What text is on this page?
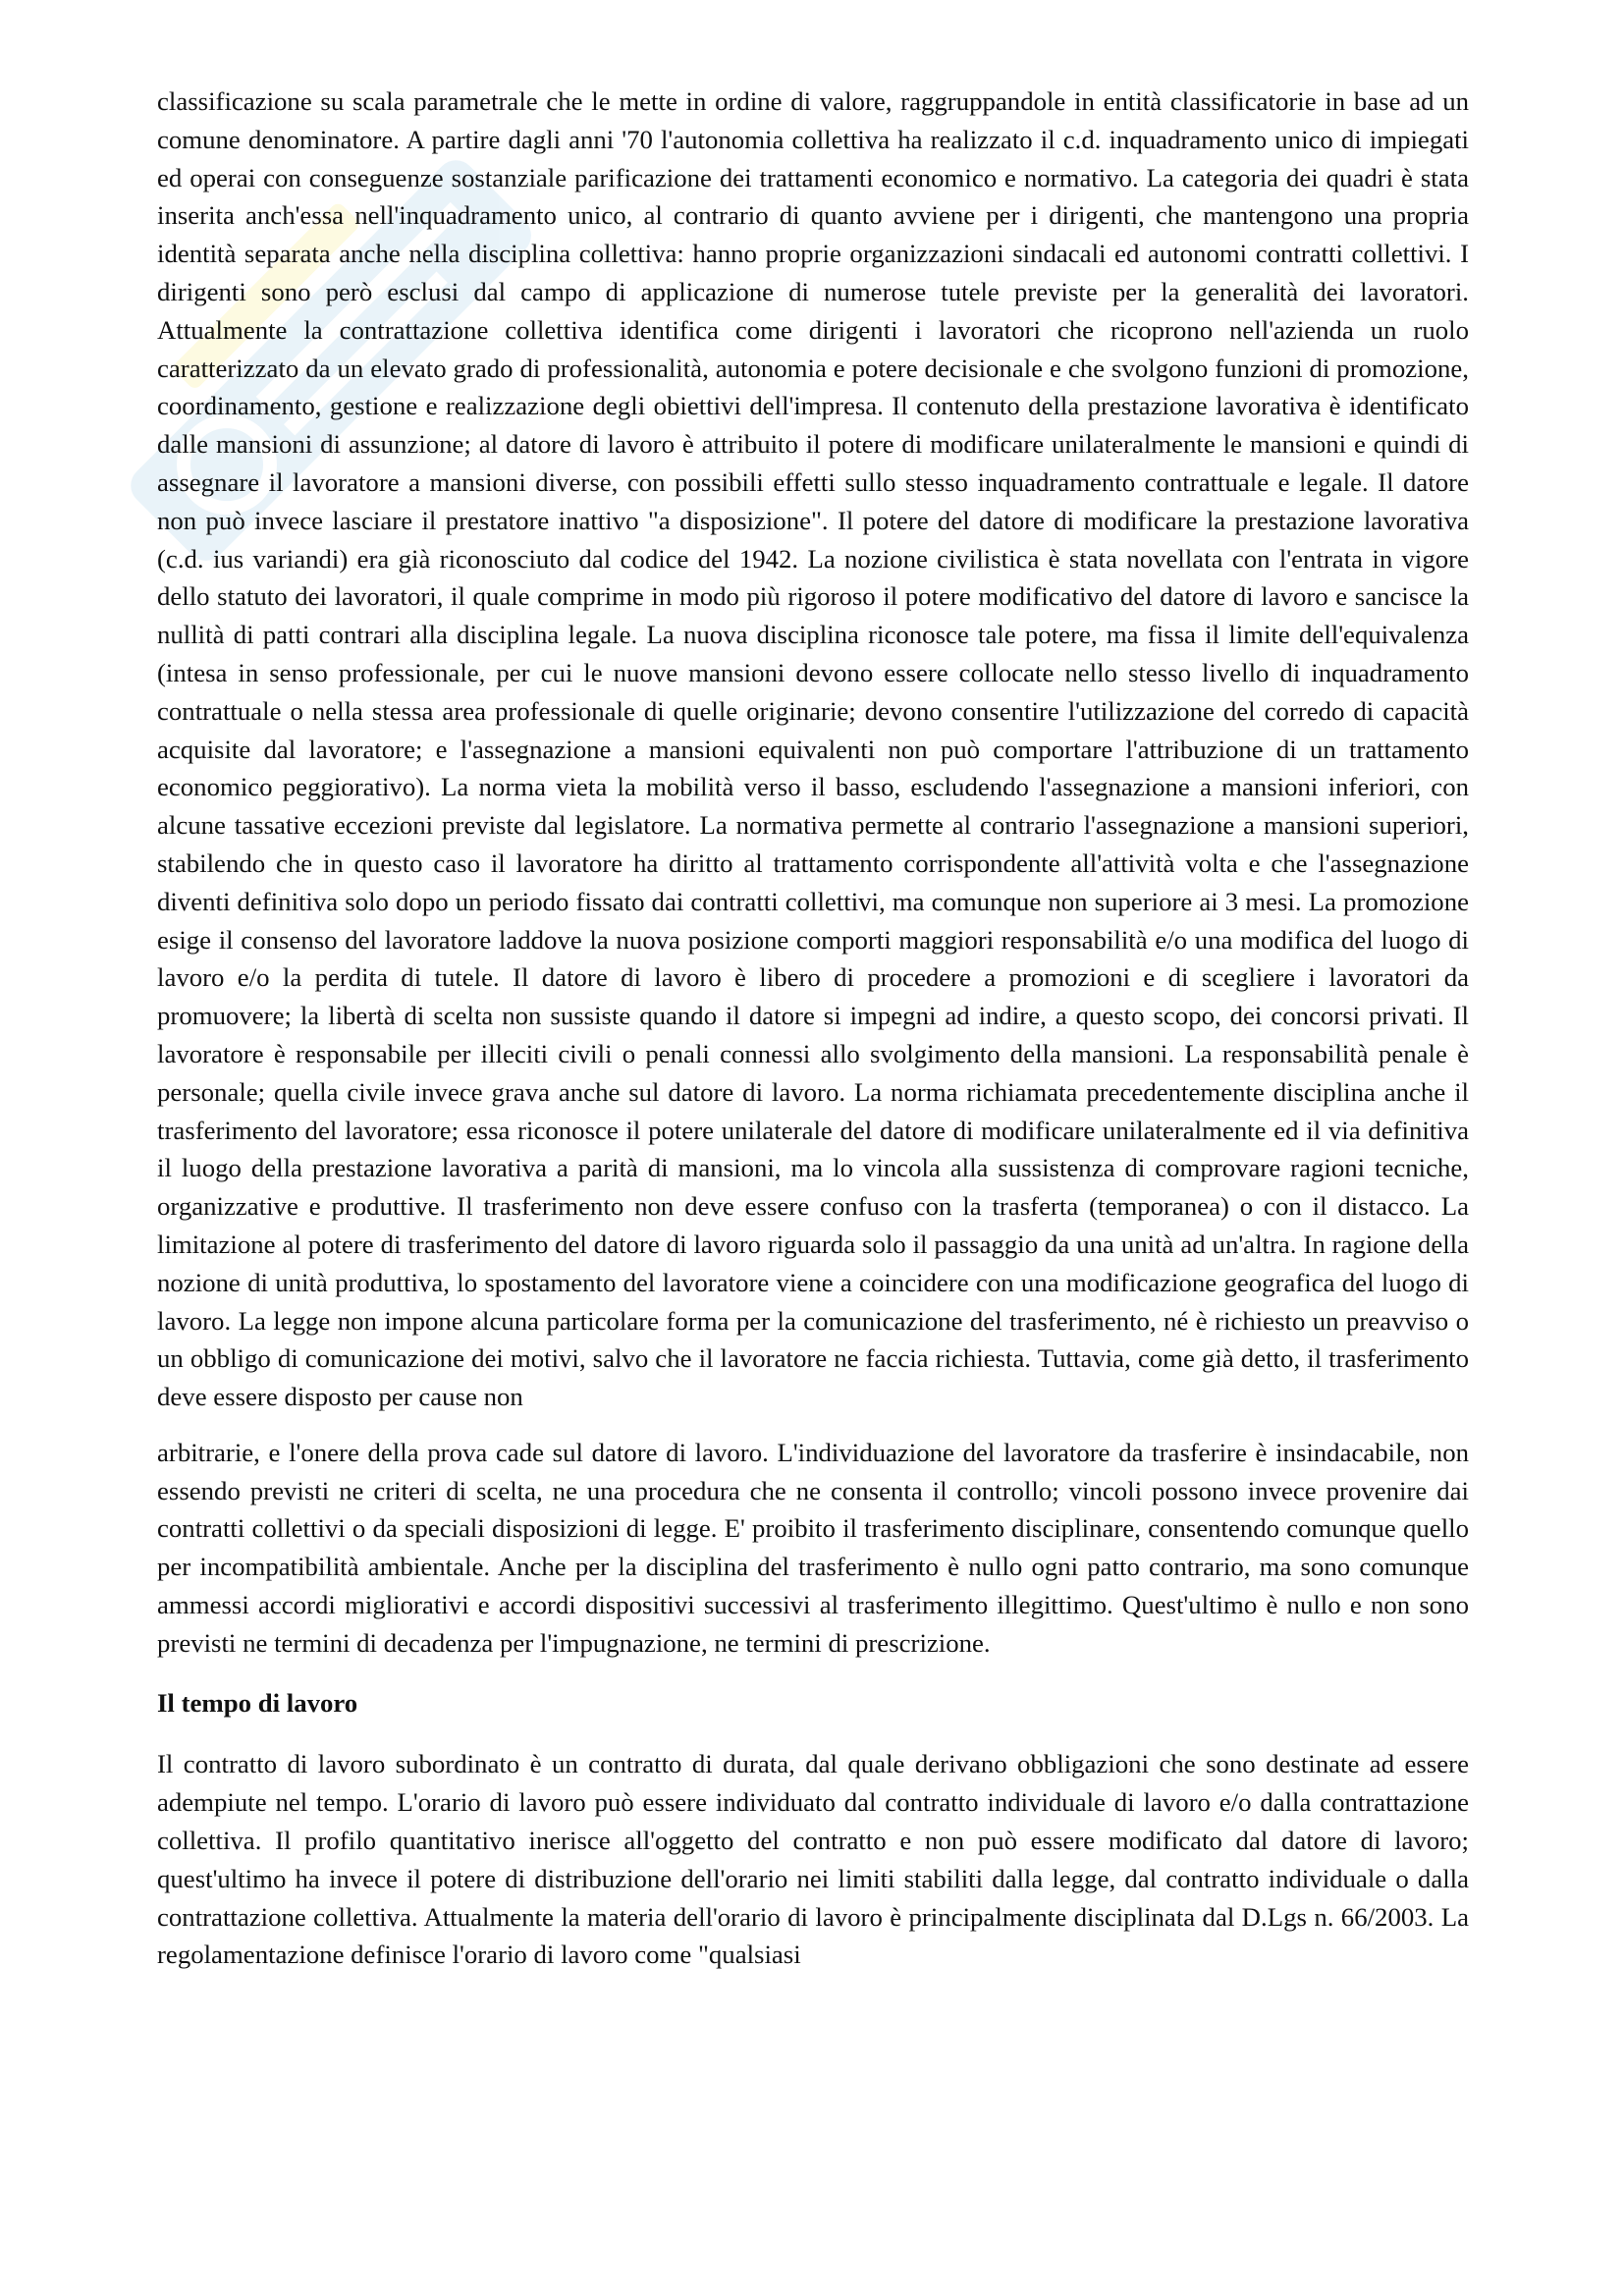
classificazione su scala parametrale che le mette in ordine di valore, raggruppandole in entità classificatorie in base ad un comune denominatore. A partire dagli anni '70 l'autonomia collettiva ha realizzato il c.d. inquadramento unico di impiegati ed operai con conseguenze sostanziale parificazione dei trattamenti economico e normativo. La categoria dei quadri è stata inserita anch'essa nell'inquadramento unico, al contrario di quanto avviene per i dirigenti, che mantengono una propria identità separata anche nella disciplina collettiva: hanno proprie organizzazioni sindacali ed autonomi contratti collettivi. I dirigenti sono però esclusi dal campo di applicazione di numerose tutele previste per la generalità dei lavoratori. Attualmente la contrattazione collettiva identifica come dirigenti i lavoratori che ricoprono nell'azienda un ruolo caratterizzato da un elevato grado di professionalità, autonomia e potere decisionale e che svolgono funzioni di promozione, coordinamento, gestione e realizzazione degli obiettivi dell'impresa. Il contenuto della prestazione lavorativa è identificato dalle mansioni di assunzione; al datore di lavoro è attribuito il potere di modificare unilateralmente le mansioni e quindi di assegnare il lavoratore a mansioni diverse, con possibili effetti sullo stesso inquadramento contrattuale e legale. Il datore non può invece lasciare il prestatore inattivo "a disposizione". Il potere del datore di modificare la prestazione lavorativa (c.d. ius variandi) era già riconosciuto dal codice del 1942. La nozione civilistica è stata novellata con l'entrata in vigore dello statuto dei lavoratori, il quale comprime in modo più rigoroso il potere modificativo del datore di lavoro e sancisce la nullità di patti contrari alla disciplina legale. La nuova disciplina riconosce tale potere, ma fissa il limite dell'equivalenza (intesa in senso professionale, per cui le nuove mansioni devono essere collocate nello stesso livello di inquadramento contrattuale o nella stessa area professionale di quelle originarie; devono consentire l'utilizzazione del corredo di capacità acquisite dal lavoratore; e l'assegnazione a mansioni equivalenti non può comportare l'attribuzione di un trattamento economico peggiorativo). La norma vieta la mobilità verso il basso, escludendo l'assegnazione a mansioni inferiori, con alcune tassative eccezioni previste dal legislatore. La normativa permette al contrario l'assegnazione a mansioni superiori, stabilendo che in questo caso il lavoratore ha diritto al trattamento corrispondente all'attività volta e che l'assegnazione diventi definitiva solo dopo un periodo fissato dai contratti collettivi, ma comunque non superiore ai 3 mesi. La promozione esige il consenso del lavoratore laddove la nuova posizione comporti maggiori responsabilità e/o una modifica del luogo di lavoro e/o la perdita di tutele. Il datore di lavoro è libero di procedere a promozioni e di scegliere i lavoratori da promuovere; la libertà di scelta non sussiste quando il datore si impegni ad indire, a questo scopo, dei concorsi privati. Il lavoratore è responsabile per illeciti civili o penali connessi allo svolgimento della mansioni. La responsabilità penale è personale; quella civile invece grava anche sul datore di lavoro. La norma richiamata precedentemente disciplina anche il trasferimento del lavoratore; essa riconosce il potere unilaterale del datore di modificare unilateralmente ed il via definitiva il luogo della prestazione lavorativa a parità di mansioni, ma lo vincola alla sussistenza di comprovare ragioni tecniche, organizzative e produttive. Il trasferimento non deve essere confuso con la trasferta (temporanea) o con il distacco. La limitazione al potere di trasferimento del datore di lavoro riguarda solo il passaggio da una unità ad un'altra. In ragione della nozione di unità produttiva, lo spostamento del lavoratore viene a coincidere con una modificazione geografica del luogo di lavoro. La legge non impone alcuna particolare forma per la comunicazione del trasferimento, né è richiesto un preavviso o un obbligo di comunicazione dei motivi, salvo che il lavoratore ne faccia richiesta. Tuttavia, come già detto, il trasferimento deve essere disposto per cause non

arbitrarie, e l'onere della prova cade sul datore di lavoro. L'individuazione del lavoratore da trasferire è insindacabile, non essendo previsti ne criteri di scelta, ne una procedura che ne consenta il controllo; vincoli possono invece provenire dai contratti collettivi o da speciali disposizioni di legge. E' proibito il trasferimento disciplinare, consentendo comunque quello per incompatibilità ambientale. Anche per la disciplina del trasferimento è nullo ogni patto contrario, ma sono comunque ammessi accordi migliorativi e accordi dispositivi successivi al trasferimento illegittimo. Quest'ultimo è nullo e non sono previsti ne termini di decadenza per l'impugnazione, ne termini di prescrizione.

Il tempo di lavoro

Il contratto di lavoro subordinato è un contratto di durata, dal quale derivano obbligazioni che sono destinate ad essere adempiute nel tempo. L'orario di lavoro può essere individuato dal contratto individuale di lavoro e/o dalla contrattazione collettiva. Il profilo quantitativo inerisce all'oggetto del contratto e non può essere modificato dal datore di lavoro; quest'ultimo ha invece il potere di distribuzione dell'orario nei limiti stabiliti dalla legge, dal contratto individuale o dalla contrattazione collettiva. Attualmente la materia dell'orario di lavoro è principalmente disciplinata dal D.Lgs n. 66/2003. La regolamentazione definisce l'orario di lavoro come "qualsiasi
